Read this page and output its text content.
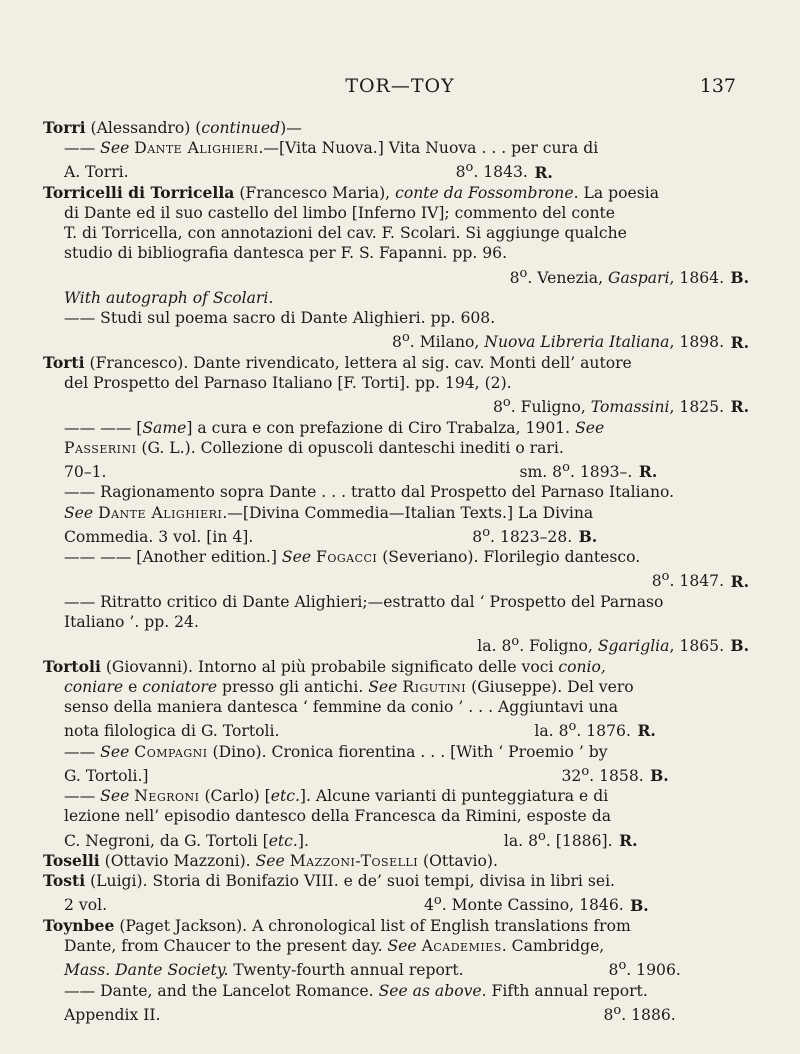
TOR—TOY	137
Torri (Alessandro) (continued)—
—— See Dante Alighieri.—[Vita Nuova.] Vita Nuova . . . per cura di
A. Torri.	8$^o$. 1843. R.
Torricelli di Torricella (Francesco Maria), conte da Fossombrone. La poesia
di Dante ed il suo castello del limbo [Inferno IV]; commento del conte
T. di Torricella, con annotazioni del cav. F. Scolari. Si aggiunge qualche
studio di bibliografia dantesca per F. S. Fapanni. pp. 96.
8$^o$. Venezia, Gaspari, 1864. B.
With autograph of Scolari.
—— Studi sul poema sacro di Dante Alighieri. pp. 608.
8$^o$. Milano, Nuova Libreria Italiana, 1898. R.
Torti (Francesco). Dante rivendicato, lettera al sig. cav. Monti dell’ autore
del Prospetto del Parnaso Italiano [F. Torti]. pp. 194, (2).
8$^o$. Fuligno, Tomassini, 1825. R.
—— —— [Same] a cura e con prefazione di Ciro Trabalza, 1901. See
Passerini (G. L.). Collezione di opuscoli danteschi inediti o rari.
70–1.	sm. 8$^o$. 1893–. R.
—— Ragionamento sopra Dante . . . tratto dal Prospetto del Parnaso Italiano.
See Dante Alighieri.—[Divina Commedia—Italian Texts.] La Divina
Commedia. 3 vol. [in 4].	8$^o$. 1823–28. B.
—— —— [Another edition.] See Fogacci (Severiano). Florilegio dantesco.
8$^o$. 1847. R.
—— Ritratto critico di Dante Alighieri;—estratto dal ‘ Prospetto del Parnaso
Italiano ’. pp. 24.
la. 8$^o$. Foligno, Sgariglia, 1865. B.
Tortoli (Giovanni). Intorno al più probabile significato delle voci conio,
coniare e coniatore presso gli antichi. See Rigutini (Giuseppe). Del vero
senso della maniera dantesca ‘ femmine da conio ’ . . . Aggiuntavi una
nota filologica di G. Tortoli.	la. 8$^o$. 1876. R.
—— See Compagni (Dino). Cronica fiorentina . . . [With ‘ Proemio ’ by
G. Tortoli.]	32$^o$. 1858. B.
—— See Negroni (Carlo) [etc.]. Alcune varianti di punteggiatura e di
lezione nell’ episodio dantesco della Francesca da Rimini, esposte da
C. Negroni, da G. Tortoli [etc.].	la. 8$^o$. [1886]. R.
Toselli (Ottavio Mazzoni). See Mazzoni-Toselli (Ottavio).
Tosti (Luigi). Storia di Bonifazio VIII. e de’ suoi tempi, divisa in libri sei.
2 vol.	4$^o$. Monte Cassino, 1846. B.
Toynbee (Paget Jackson). A chronological list of English translations from
Dante, from Chaucer to the present day. See Academies. Cambridge,
Mass. Dante Society. Twenty-fourth annual report.	8$^o$. 1906.
—— Dante, and the Lancelot Romance. See as above. Fifth annual report.
Appendix II.	8$^o$. 1886.
